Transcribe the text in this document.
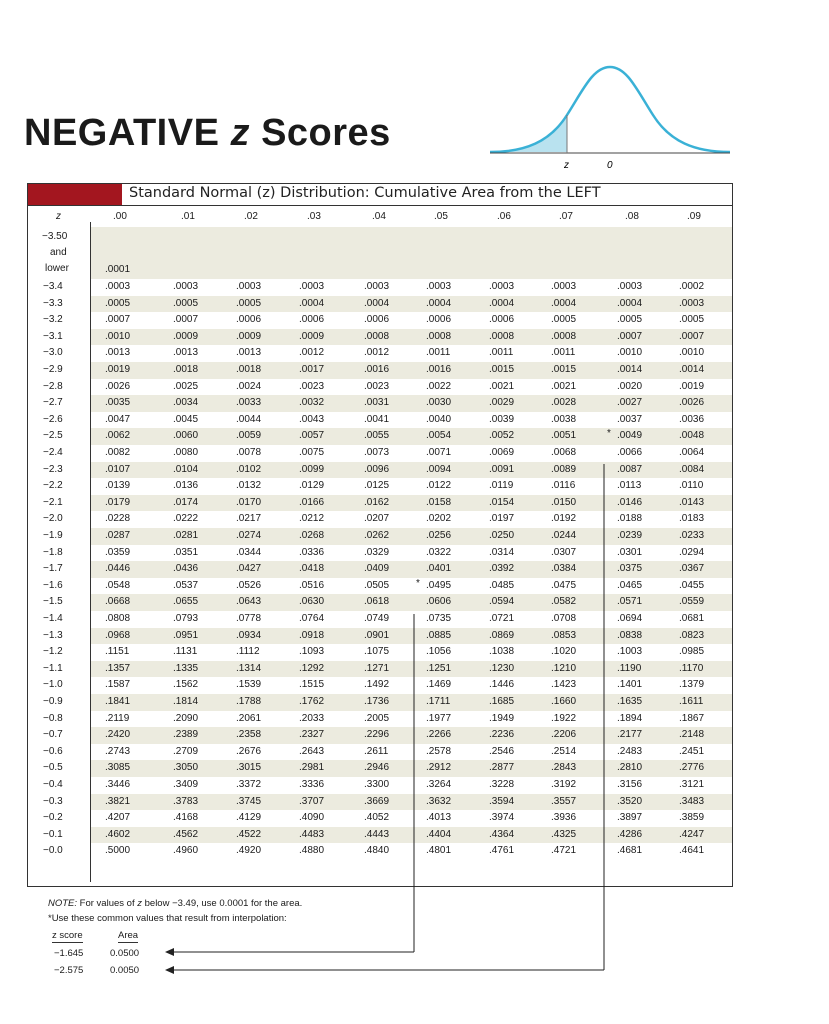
NEGATIVE z Scores
z	0
Standard Normal (z) Distribution: Cumulative Area from the LEFT
z	.00	.01	.02	.03	.04	.05	.06	.07	.08	.09
−3.50
and
lower	.0001
−3.4	.0003	.0003	.0003	.0003	.0003	.0003	.0003	.0003	.0003	.0002
−3.3	.0005	.0005	.0005	.0004	.0004	.0004	.0004	.0004	.0004	.0003
−3.2	.0007	.0007	.0006	.0006	.0006	.0006	.0006	.0005	.0005	.0005
−3.1	.0010	.0009	.0009	.0009	.0008	.0008	.0008	.0008	.0007	.0007
−3.0	.0013	.0013	.0013	.0012	.0012	.0011	.0011	.0011	.0010	.0010
−2.9	.0019	.0018	.0018	.0017	.0016	.0016	.0015	.0015	.0014	.0014
−2.8	.0026	.0025	.0024	.0023	.0023	.0022	.0021	.0021	.0020	.0019
−2.7	.0035	.0034	.0033	.0032	.0031	.0030	.0029	.0028	.0027	.0026
−2.6	.0047	.0045	.0044	.0043	.0041	.0040	.0039	.0038	.0037	.0036
−2.5	.0062	.0060	.0059	.0057	.0055	.0054	.0052	.0051	.0049	.0048
−2.4	.0082	.0080	.0078	.0075	.0073	.0071	.0069	.0068	.0066	.0064
−2.3	.0107	.0104	.0102	.0099	.0096	.0094	.0091	.0089	.0087	.0084
−2.2	.0139	.0136	.0132	.0129	.0125	.0122	.0119	.0116	.0113	.0110
−2.1	.0179	.0174	.0170	.0166	.0162	.0158	.0154	.0150	.0146	.0143
−2.0	.0228	.0222	.0217	.0212	.0207	.0202	.0197	.0192	.0188	.0183
−1.9	.0287	.0281	.0274	.0268	.0262	.0256	.0250	.0244	.0239	.0233
−1.8	.0359	.0351	.0344	.0336	.0329	.0322	.0314	.0307	.0301	.0294
−1.7	.0446	.0436	.0427	.0418	.0409	.0401	.0392	.0384	.0375	.0367
−1.6	.0548	.0537	.0526	.0516	.0505	.0495	.0485	.0475	.0465	.0455
−1.5	.0668	.0655	.0643	.0630	.0618	.0606	.0594	.0582	.0571	.0559
−1.4	.0808	.0793	.0778	.0764	.0749	.0735	.0721	.0708	.0694	.0681
−1.3	.0968	.0951	.0934	.0918	.0901	.0885	.0869	.0853	.0838	.0823
−1.2	.1151	.1131	.1112	.1093	.1075	.1056	.1038	.1020	.1003	.0985
−1.1	.1357	.1335	.1314	.1292	.1271	.1251	.1230	.1210	.1190	.1170
−1.0	.1587	.1562	.1539	.1515	.1492	.1469	.1446	.1423	.1401	.1379
−0.9	.1841	.1814	.1788	.1762	.1736	.1711	.1685	.1660	.1635	.1611
−0.8	.2119	.2090	.2061	.2033	.2005	.1977	.1949	.1922	.1894	.1867
−0.7	.2420	.2389	.2358	.2327	.2296	.2266	.2236	.2206	.2177	.2148
−0.6	.2743	.2709	.2676	.2643	.2611	.2578	.2546	.2514	.2483	.2451
−0.5	.3085	.3050	.3015	.2981	.2946	.2912	.2877	.2843	.2810	.2776
−0.4	.3446	.3409	.3372	.3336	.3300	.3264	.3228	.3192	.3156	.3121
−0.3	.3821	.3783	.3745	.3707	.3669	.3632	.3594	.3557	.3520	.3483
−0.2	.4207	.4168	.4129	.4090	.4052	.4013	.3974	.3936	.3897	.3859
−0.1	.4602	.4562	.4522	.4483	.4443	.4404	.4364	.4325	.4286	.4247
−0.0	.5000	.4960	.4920	.4880	.4840	.4801	.4761	.4721	.4681	.4641
*
*
NOTE: For values of z below −3.49, use 0.0001 for the area.
*Use these common values that result from interpolation:
z score	Area
−1.645	0.0500
−2.575	0.0050
